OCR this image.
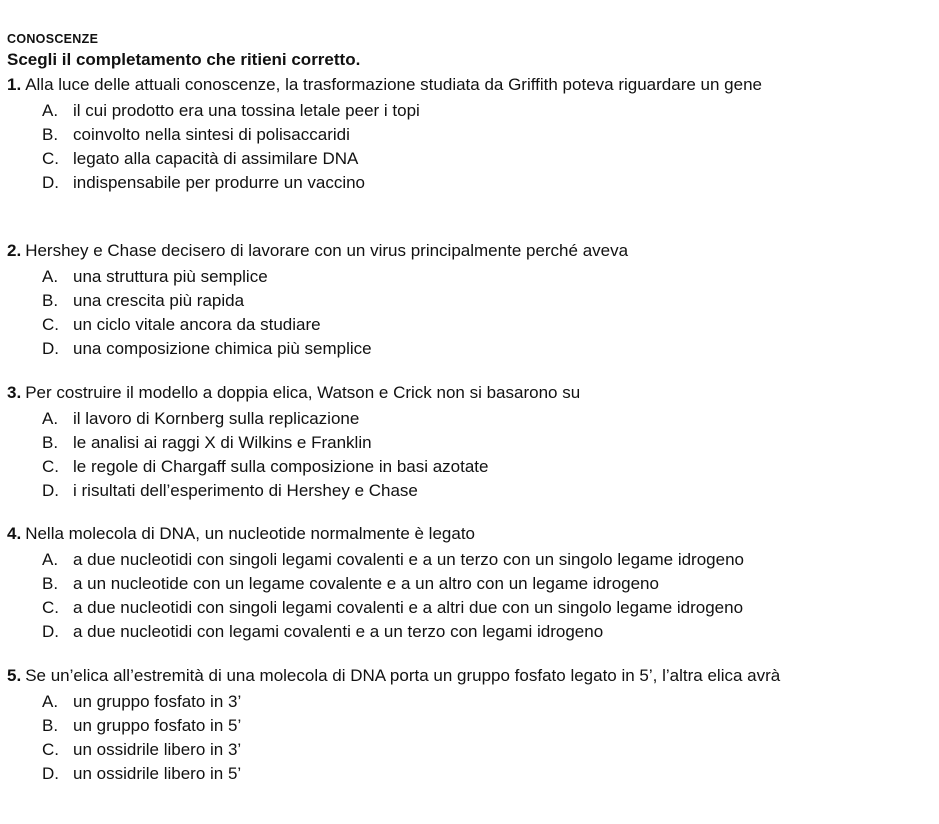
CONOSCENZE
Scegli il completamento che ritieni corretto.

1. Alla luce delle attuali conoscenze, la trasformazione studiata da Griffith poteva riguardare un gene

A. il cui prodotto era una tossina letale peer i topi
B. coinvolto nella sintesi di polisaccaridi
C. legato alla capacità di assimilare DNA
D. indispensabile per produrre un vaccino

2. Hershey e Chase decisero di lavorare con un virus principalmente perché aveva

A. una struttura più semplice
B. una crescita più rapida
C. un ciclo vitale ancora da studiare
D. una composizione chimica più semplice

3. Per costruire il modello a doppia elica, Watson e Crick non si basarono su

A. il lavoro di Kornberg sulla replicazione
B. le analisi ai raggi X di Wilkins e Franklin
C. le regole di Chargaff sulla composizione in basi azotate
D. i risultati dell’esperimento di Hershey e Chase

4. Nella molecola di DNA, un nucleotide normalmente è legato

A. a due nucleotidi con singoli legami covalenti e a un terzo con un singolo legame idrogeno
B. a un nucleotide con un legame covalente e a un altro con un legame idrogeno
C. a due nucleotidi con singoli legami covalenti e a altri due con un singolo legame idrogeno
D. a due nucleotidi con legami covalenti e a un terzo con legami idrogeno

5. Se un’elica all’estremità di una molecola di DNA porta un gruppo fosfato legato in 5’, l’altra elica avrà

A. un gruppo fosfato in 3’
B. un gruppo fosfato in 5’
C. un ossidrile libero in 3’
D. un ossidrile libero in 5’
